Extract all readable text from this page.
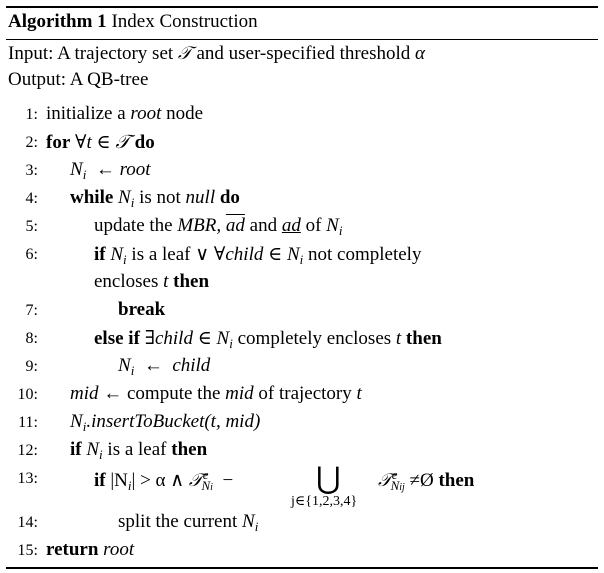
Algorithm 1 Index Construction
Input: A trajectory set 𝒯 and user-specified threshold α
Output: A QB-tree
1: initialize a root node
2: for ∀t ∈ 𝒯 do
3: $N_i$ ← root
4: while $N_i$ is not null do
5:	update the MBR, $\overline{ad}$ and ad of $N_i$
6:	if $N_i$ is a leaf ∨ ∀child ∈ $N_i$ not completely
encloses t then
7:	break
8:	else if ∃child ∈ $N_i$ completely encloses t then
9:	$N_i$ ← child
10: mid ← compute the mid of trajectory t
11: $N_i.insertToBucket(t$, mid)
12: if $N_i$ is a leaf then
13:	if $|N_i| > \alpha$ ∧ 𝒯$^e_{Ni}$ −	⋃
j∈{1,2,3,4}
𝒯$^e_{Nij}$ ≠Ø then
14:	split the current $N_i$
15: return root
